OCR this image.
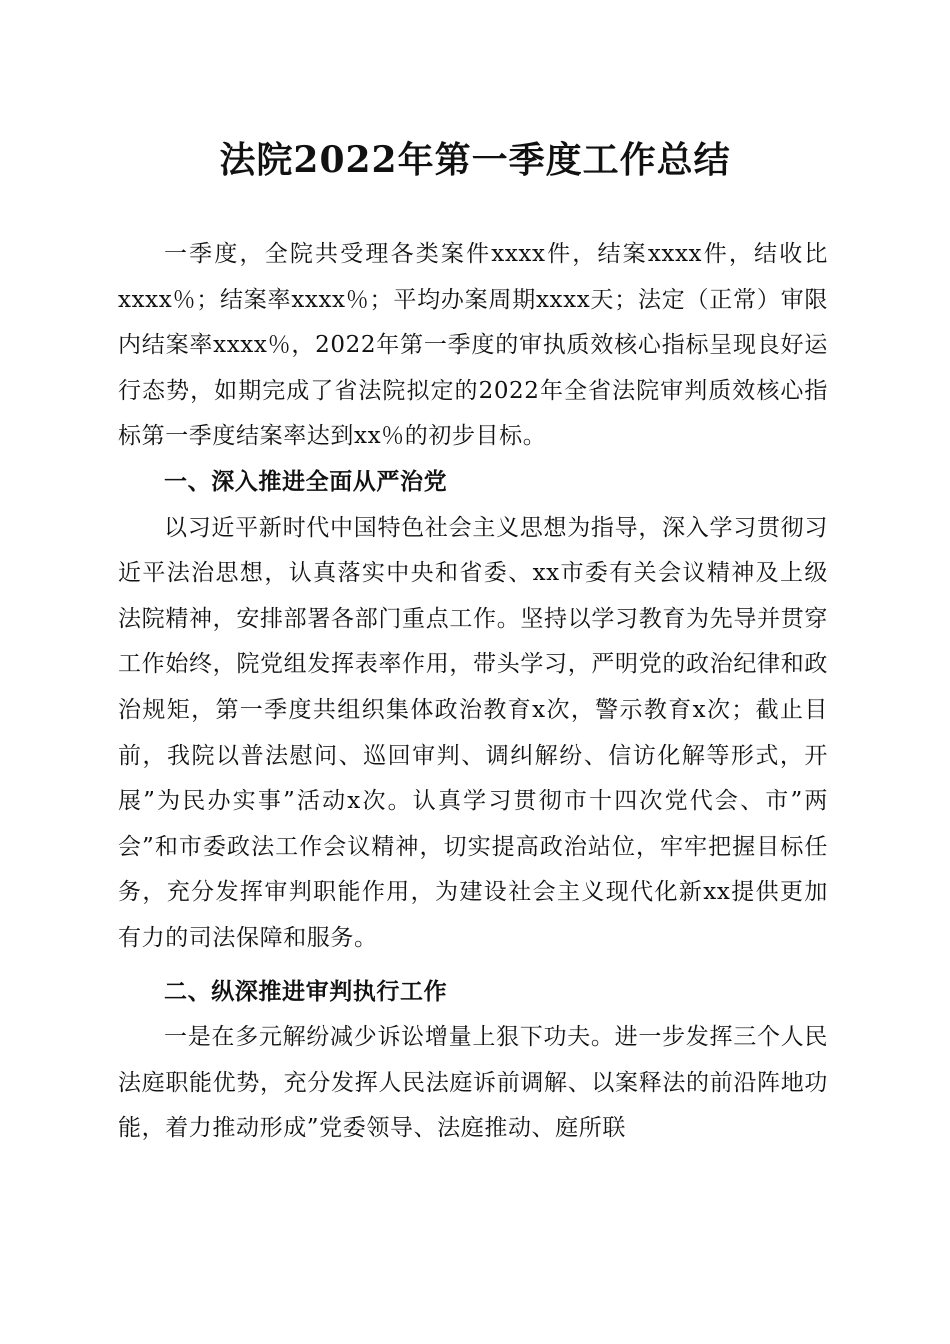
法院2022年第一季度工作总结

一季度，全院共受理各类案件xxxx件，结案xxxx件，结收比xxxx％；结案率xxxx％；平均办案周期xxxx天；法定（正常）审限内结案率xxxx％，2022年第一季度的审执质效核心指标呈现良好运行态势，如期完成了省法院拟定的2022年全省法院审判质效核心指标第一季度结案率达到xx％的初步目标。

一、深入推进全面从严治党

以习近平新时代中国特色社会主义思想为指导，深入学习贯彻习近平法治思想，认真落实中央和省委、xx市委有关会议精神及上级法院精神，安排部署各部门重点工作。坚持以学习教育为先导并贯穿工作始终，院党组发挥表率作用，带头学习，严明党的政治纪律和政治规矩，第一季度共组织集体政治教育x次，警示教育x次；截止目前，我院以普法慰问、巡回审判、调纠解纷、信访化解等形式，开展”为民办实事”活动x次。认真学习贯彻市十四次党代会、市”两会”和市委政法工作会议精神，切实提高政治站位，牢牢把握目标任务，充分发挥审判职能作用，为建设社会主义现代化新xx提供更加有力的司法保障和服务。

二、纵深推进审判执行工作

一是在多元解纷减少诉讼增量上狠下功夫。进一步发挥三个人民法庭职能优势，充分发挥人民法庭诉前调解、以案释法的前沿阵地功能，着力推动形成”党委领导、法庭推动、庭所联
